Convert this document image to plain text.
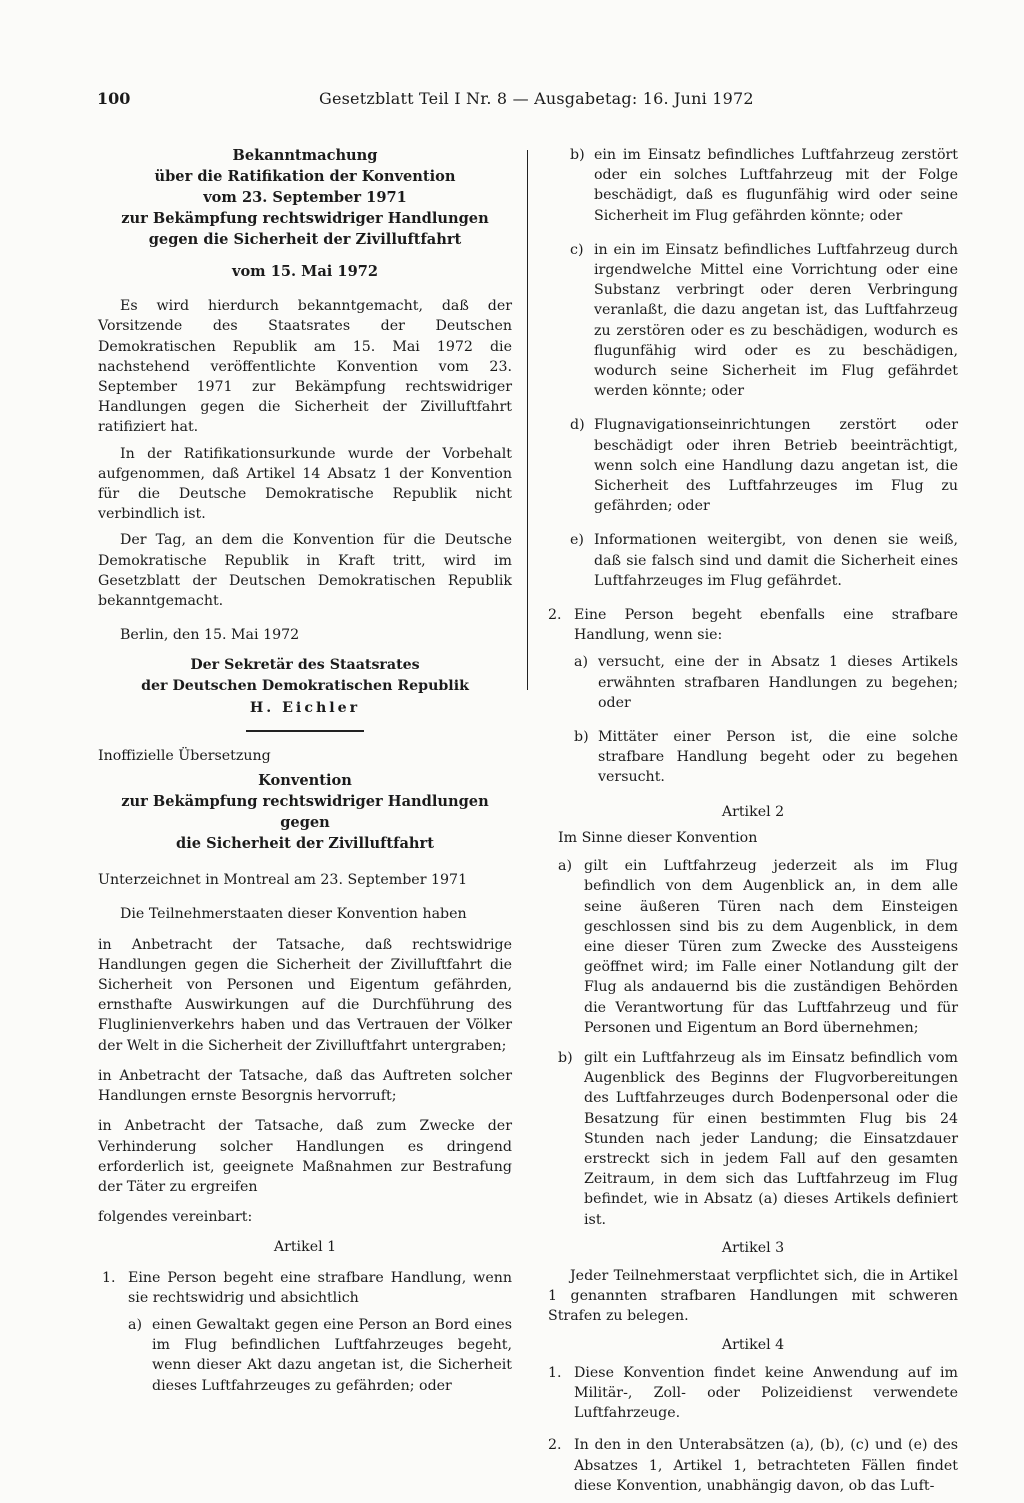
100	Gesetzblatt Teil I Nr. 8 — Ausgabetag: 16. Juni 1972
Bekanntmachung
über die Ratifikation der Konvention
vom 23. September 1971
zur Bekämpfung rechtswidriger Handlungen
gegen die Sicherheit der Zivilluftfahrt
vom 15. Mai 1972

Es wird hierdurch bekanntgemacht, daß der Vorsitzende des Staatsrates der Deutschen Demokratischen Republik am 15. Mai 1972 die nachstehend veröffentlichte Konvention vom 23. September 1971 zur Bekämpfung rechtswidriger Handlungen gegen die Sicherheit der Zivilluftfahrt ratifiziert hat.

In der Ratifikationsurkunde wurde der Vorbehalt aufgenommen, daß Artikel 14 Absatz 1 der Konvention für die Deutsche Demokratische Republik nicht verbindlich ist.

Der Tag, an dem die Konvention für die Deutsche Demokratische Republik in Kraft tritt, wird im Gesetzblatt der Deutschen Demokratischen Republik bekanntgemacht.

Berlin, den 15. Mai 1972

Der Sekretär des Staatsrates
der Deutschen Demokratischen Republik
H. Eichler

Inoffizielle Übersetzung

Konvention
zur Bekämpfung rechtswidriger Handlungen gegen
die Sicherheit der Zivilluftfahrt

Unterzeichnet in Montreal am 23. September 1971

Die Teilnehmerstaaten dieser Konvention haben

in Anbetracht der Tatsache, daß rechtswidrige Handlungen gegen die Sicherheit der Zivilluftfahrt die Sicherheit von Personen und Eigentum gefährden, ernsthafte Auswirkungen auf die Durchführung des Fluglinienverkehrs haben und das Vertrauen der Völker der Welt in die Sicherheit der Zivilluftfahrt untergraben;

in Anbetracht der Tatsache, daß das Auftreten solcher Handlungen ernste Besorgnis hervorruft;

in Anbetracht der Tatsache, daß zum Zwecke der Verhinderung solcher Handlungen es dringend erforderlich ist, geeignete Maßnahmen zur Bestrafung der Täter zu ergreifen

folgendes vereinbart:

Artikel 1
1. Eine Person begeht eine strafbare Handlung, wenn sie rechtswidrig und absichtlich
a) einen Gewaltakt gegen eine Person an Bord eines im Flug befindlichen Luftfahrzeuges begeht, wenn dieser Akt dazu angetan ist, die Sicherheit dieses Luftfahrzeuges zu gefährden; oder
b) ein im Einsatz befindliches Luftfahrzeug zerstört oder ein solches Luftfahrzeug mit der Folge beschädigt, daß es flugunfähig wird oder seine Sicherheit im Flug gefährden könnte; oder
c) in ein im Einsatz befindliches Luftfahrzeug durch irgendwelche Mittel eine Vorrichtung oder eine Substanz verbringt oder deren Verbringung veranlaßt, die dazu angetan ist, das Luftfahrzeug zu zerstören oder es zu beschädigen, wodurch es flugunfähig wird oder es zu beschädigen, wodurch seine Sicherheit im Flug gefährdet werden könnte; oder
d) Flugnavigationseinrichtungen zerstört oder beschädigt oder ihren Betrieb beeinträchtigt, wenn solch eine Handlung dazu angetan ist, die Sicherheit des Luftfahrzeuges im Flug zu gefährden; oder
e) Informationen weitergibt, von denen sie weiß, daß sie falsch sind und damit die Sicherheit eines Luftfahrzeuges im Flug gefährdet.
2. Eine Person begeht ebenfalls eine strafbare Handlung, wenn sie:
a) versucht, eine der in Absatz 1 dieses Artikels erwähnten strafbaren Handlungen zu begehen; oder
b) Mittäter einer Person ist, die eine solche strafbare Handlung begeht oder zu begehen versucht.
Artikel 2

Im Sinne dieser Konvention

a) gilt ein Luftfahrzeug jederzeit als im Flug befindlich von dem Augenblick an, in dem alle seine äußeren Türen nach dem Einsteigen geschlossen sind bis zu dem Augenblick, in dem eine dieser Türen zum Zwecke des Aussteigens geöffnet wird; im Falle einer Notlandung gilt der Flug als andauernd bis die zuständigen Behörden die Verantwortung für das Luftfahrzeug und für Personen und Eigentum an Bord übernehmen;
b) gilt ein Luftfahrzeug als im Einsatz befindlich vom Augenblick des Beginns der Flugvorbereitungen des Luftfahrzeuges durch Bodenpersonal oder die Besatzung für einen bestimmten Flug bis 24 Stunden nach jeder Landung; die Einsatzdauer erstreckt sich in jedem Fall auf den gesamten Zeitraum, in dem sich das Luftfahrzeug im Flug befindet, wie in Absatz (a) dieses Artikels definiert ist.
Artikel 3

Jeder Teilnehmerstaat verpflichtet sich, die in Artikel 1 genannten strafbaren Handlungen mit schweren Strafen zu belegen.

Artikel 4
1. Diese Konvention findet keine Anwendung auf im Militär-, Zoll- oder Polizeidienst verwendete Luftfahrzeuge.
2. In den in den Unterabsätzen (a), (b), (c) und (e) des Absatzes 1, Artikel 1, betrachteten Fällen findet diese Konvention, unabhängig davon, ob das Luft-
